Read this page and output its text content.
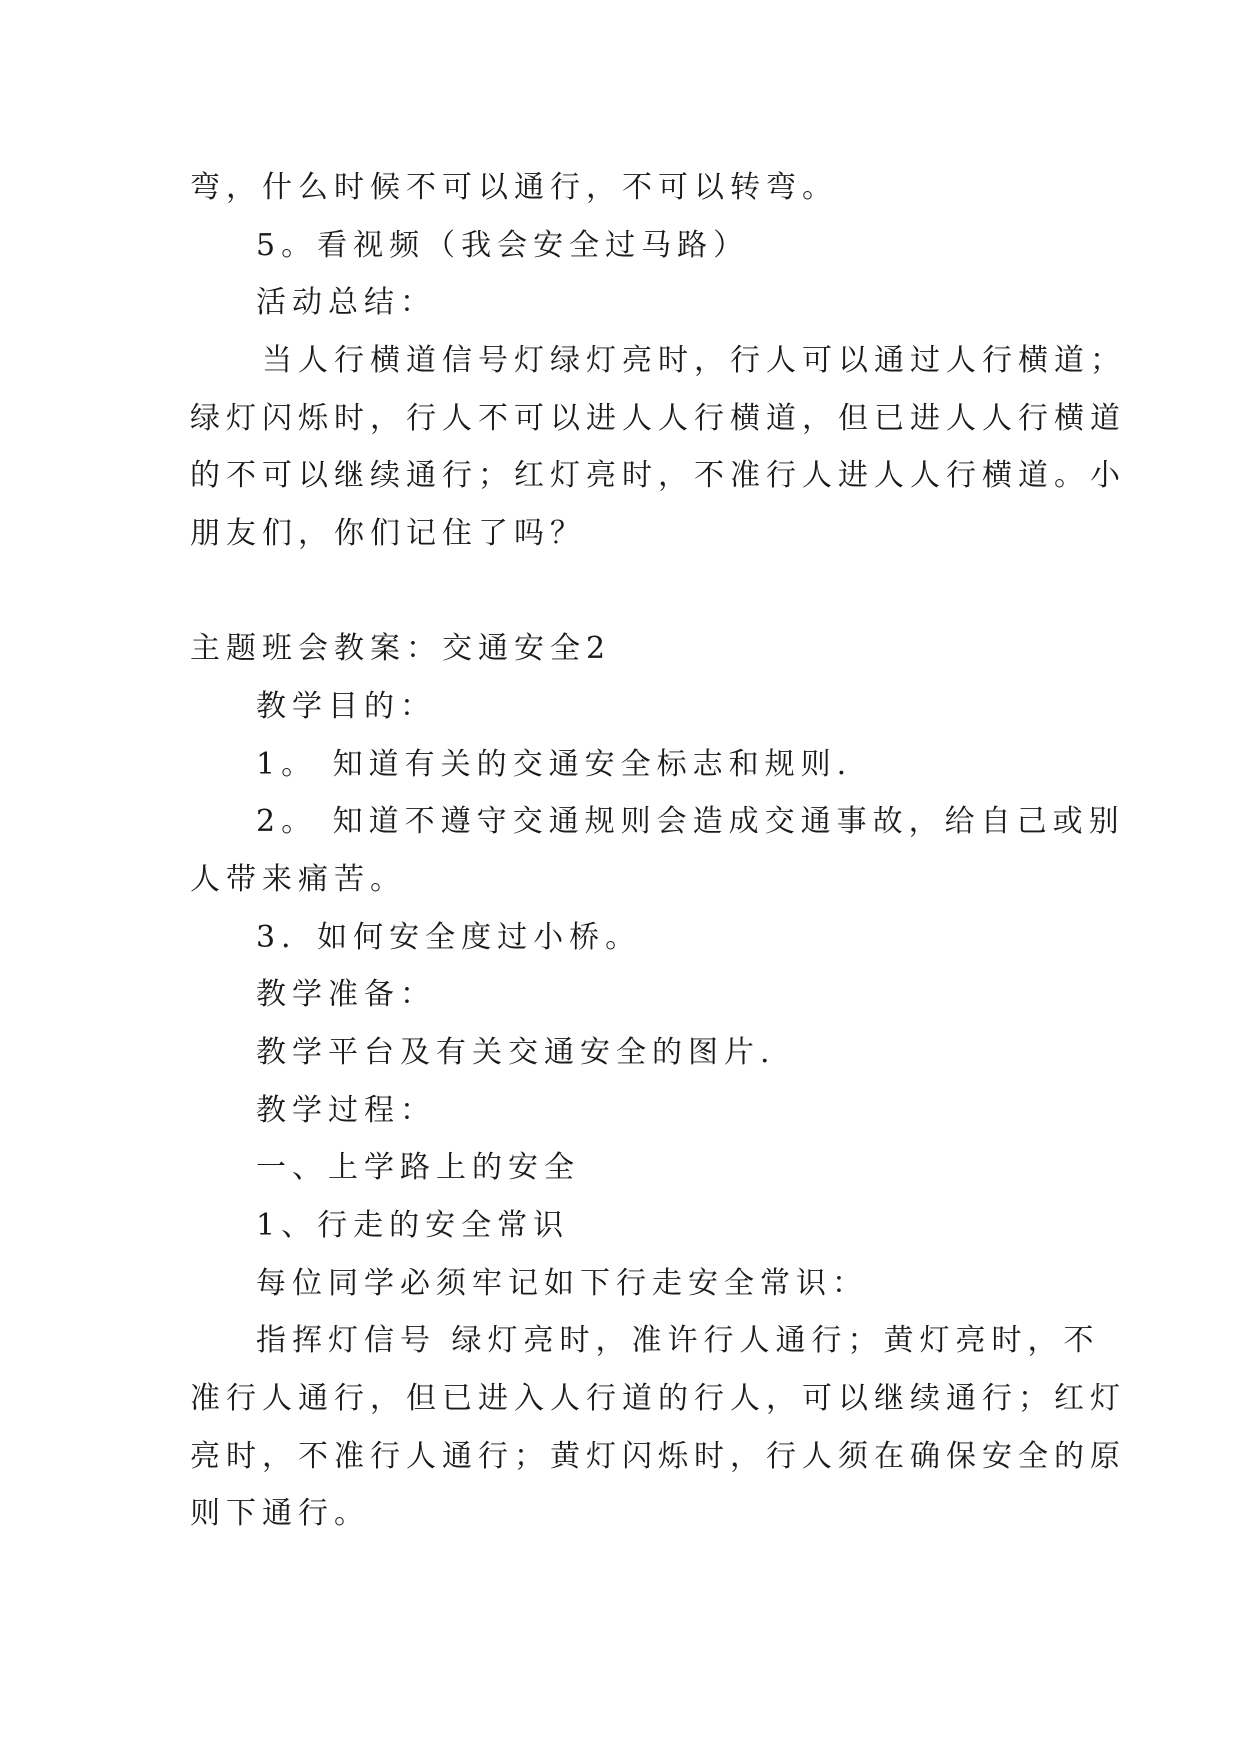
弯，什么时候不可以通行，不可以转弯。
5。看视频（我会安全过马路）
活动总结：
当人行横道信号灯绿灯亮时，行人可以通过人行横道；
绿灯闪烁时，行人不可以进人人行横道，但已进人人行横道
的不可以继续通行；红灯亮时，不准行人进人人行横道。小
朋友们，你们记住了吗？
主题班会教案：交通安全2
教学目的：
1。 知道有关的交通安全标志和规则.
2。 知道不遵守交通规则会造成交通事故，给自己或别
人带来痛苦。
3．如何安全度过小桥。
教学准备：
教学平台及有关交通安全的图片.
教学过程：
一、上学路上的安全
1、行走的安全常识
每位同学必须牢记如下行走安全常识：
指挥灯信号 绿灯亮时，准许行人通行；黄灯亮时，不
准行人通行，但已进入人行道的行人，可以继续通行；红灯
亮时，不准行人通行；黄灯闪烁时，行人须在确保安全的原
则下通行。
